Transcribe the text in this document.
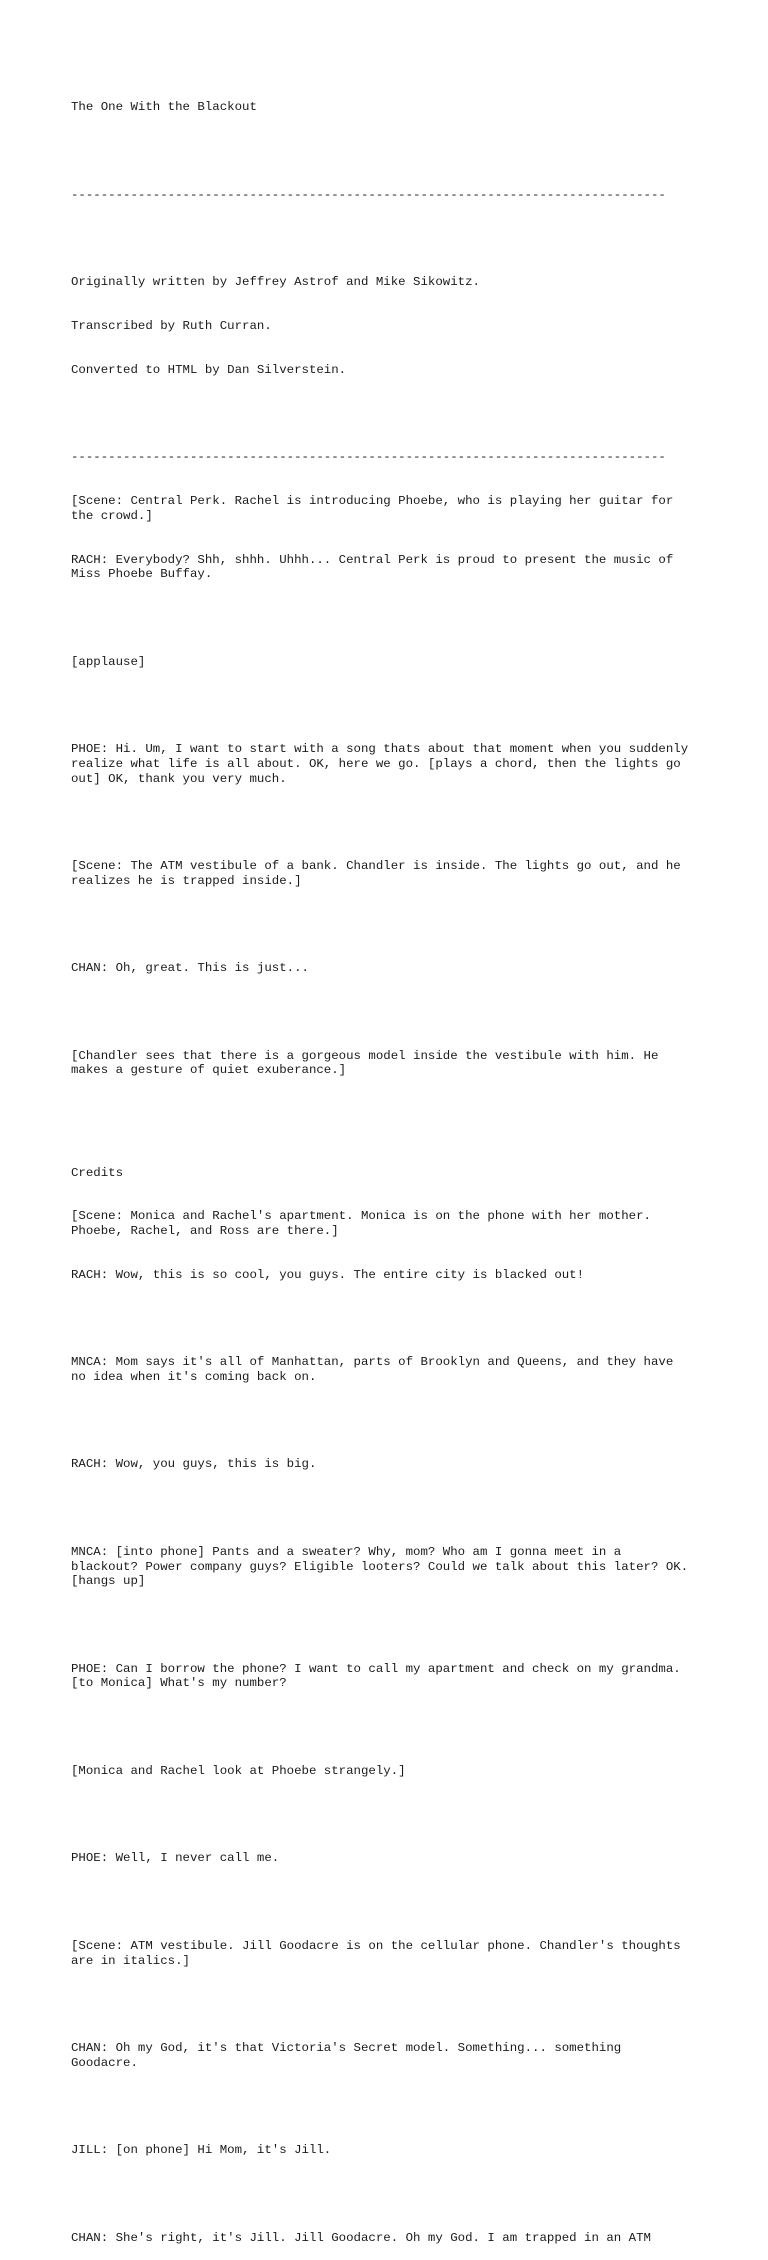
The One With the Blackout

--------------------------------------------------------------------------------

Originally written by Jeffrey Astrof and Mike Sikowitz.

Transcribed by Ruth Curran.

Converted to HTML by Dan Silverstein.

--------------------------------------------------------------------------------

[Scene: Central Perk. Rachel is introducing Phoebe, who is playing her guitar for
the crowd.]

RACH: Everybody? Shh, shhh. Uhhh... Central Perk is proud to present the music of
Miss Phoebe Buffay.

[applause]

PHOE: Hi. Um, I want to start with a song thats about that moment when you suddenly
realize what life is all about. OK, here we go. [plays a chord, then the lights go
out] OK, thank you very much.

[Scene: The ATM vestibule of a bank. Chandler is inside. The lights go out, and he
realizes he is trapped inside.]

CHAN: Oh, great. This is just...

[Chandler sees that there is a gorgeous model inside the vestibule with him. He
makes a gesture of quiet exuberance.]

Credits

[Scene: Monica and Rachel's apartment. Monica is on the phone with her mother.
Phoebe, Rachel, and Ross are there.]

RACH: Wow, this is so cool, you guys. The entire city is blacked out!

MNCA: Mom says it's all of Manhattan, parts of Brooklyn and Queens, and they have
no idea when it's coming back on.

RACH: Wow, you guys, this is big.

MNCA: [into phone] Pants and a sweater? Why, mom? Who am I gonna meet in a
blackout? Power company guys? Eligible looters? Could we talk about this later? OK.
[hangs up]

PHOE: Can I borrow the phone? I want to call my apartment and check on my grandma.
[to Monica] What's my number?

[Monica and Rachel look at Phoebe strangely.]

PHOE: Well, I never call me.

[Scene: ATM vestibule. Jill Goodacre is on the cellular phone. Chandler's thoughts
are in italics.]

CHAN: Oh my God, it's that Victoria's Secret model. Something... something
Goodacre.

JILL: [on phone] Hi Mom, it's Jill.

CHAN: She's right, it's Jill. Jill Goodacre. Oh my God. I am trapped in an ATM
